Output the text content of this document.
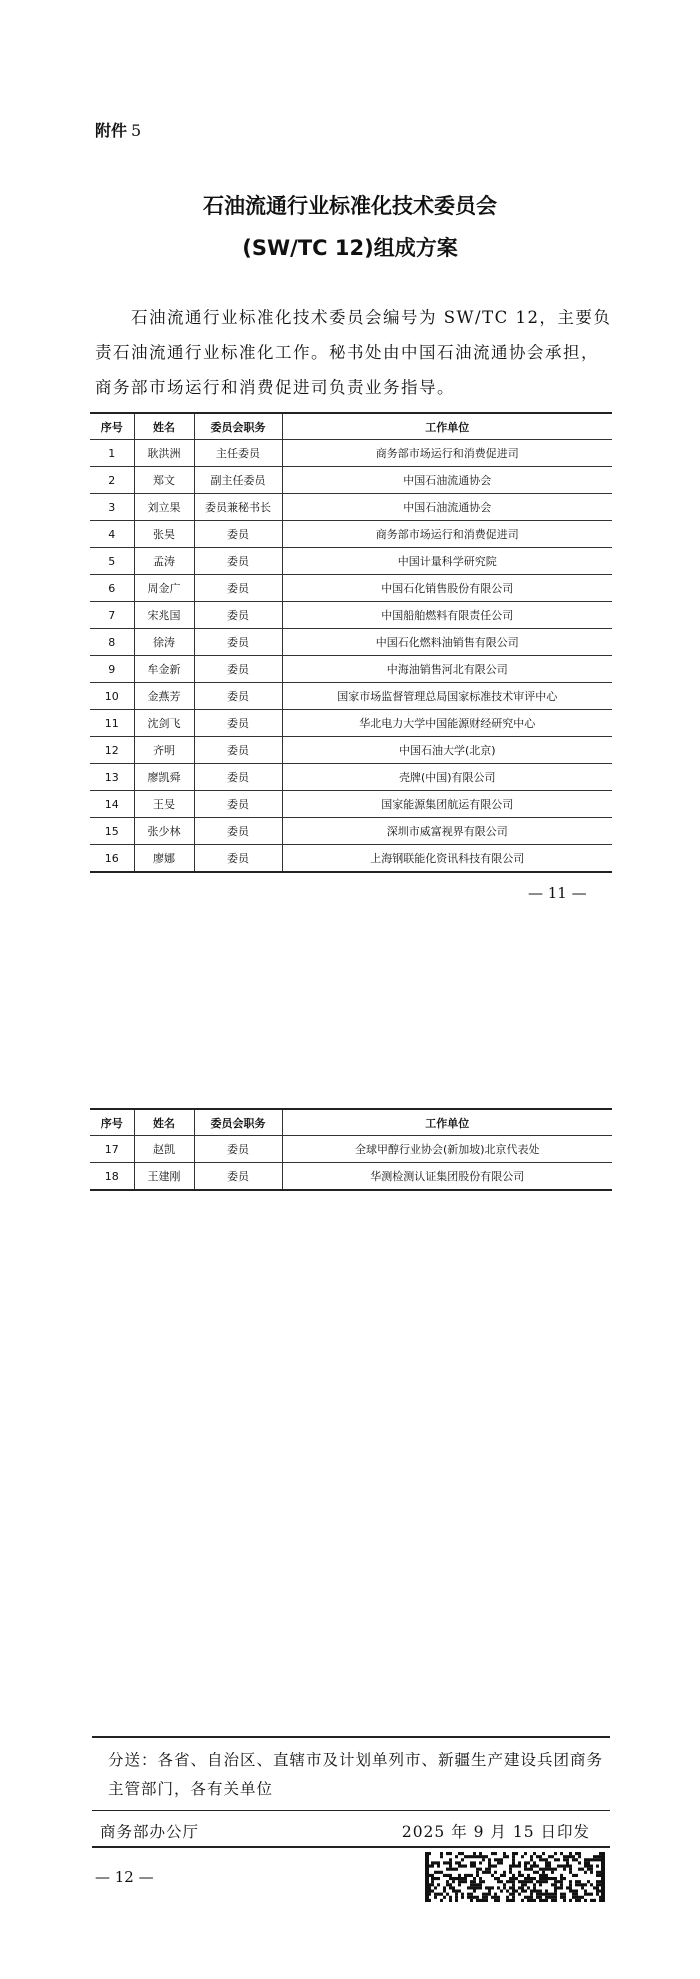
附件 5
石油流通行业标准化技术委员会
(SW/TC 12)组成方案

石油流通行业标准化技术委员会编号为 SW/TC 12，主要负责石油流通行业标准化工作。秘书处由中国石油流通协会承担，商务部市场运行和消费促进司负责业务指导。

序号	姓名	委员会职务	工作单位
1	耿洪洲	主任委员	商务部市场运行和消费促进司
2	郑文	副主任委员	中国石油流通协会
3	刘立果	委员兼秘书长	中国石油流通协会
4	张昊	委员	商务部市场运行和消费促进司
5	孟涛	委员	中国计量科学研究院
6	周金广	委员	中国石化销售股份有限公司
7	宋兆国	委员	中国船舶燃料有限责任公司
8	徐涛	委员	中国石化燃料油销售有限公司
9	牟金新	委员	中海油销售河北有限公司
10	金燕芳	委员	国家市场监督管理总局国家标准技术审评中心
11	沈剑飞	委员	华北电力大学中国能源财经研究中心
12	齐明	委员	中国石油大学(北京)
13	廖凯舜	委员	壳牌(中国)有限公司
14	王旻	委员	国家能源集团航运有限公司
15	张少林	委员	深圳市威富视界有限公司
16	廖娜	委员	上海钢联能化资讯科技有限公司
— 11 —
序号	姓名	委员会职务	工作单位
17	赵凯	委员	全球甲醇行业协会(新加坡)北京代表处
18	王建刚	委员	华测检测认证集团股份有限公司

分送：各省、自治区、直辖市及计划单列市、新疆生产建设兵团商务主管部门，各有关单位

商务部办公厅	2025 年 9 月 15 日印发
— 12 —
